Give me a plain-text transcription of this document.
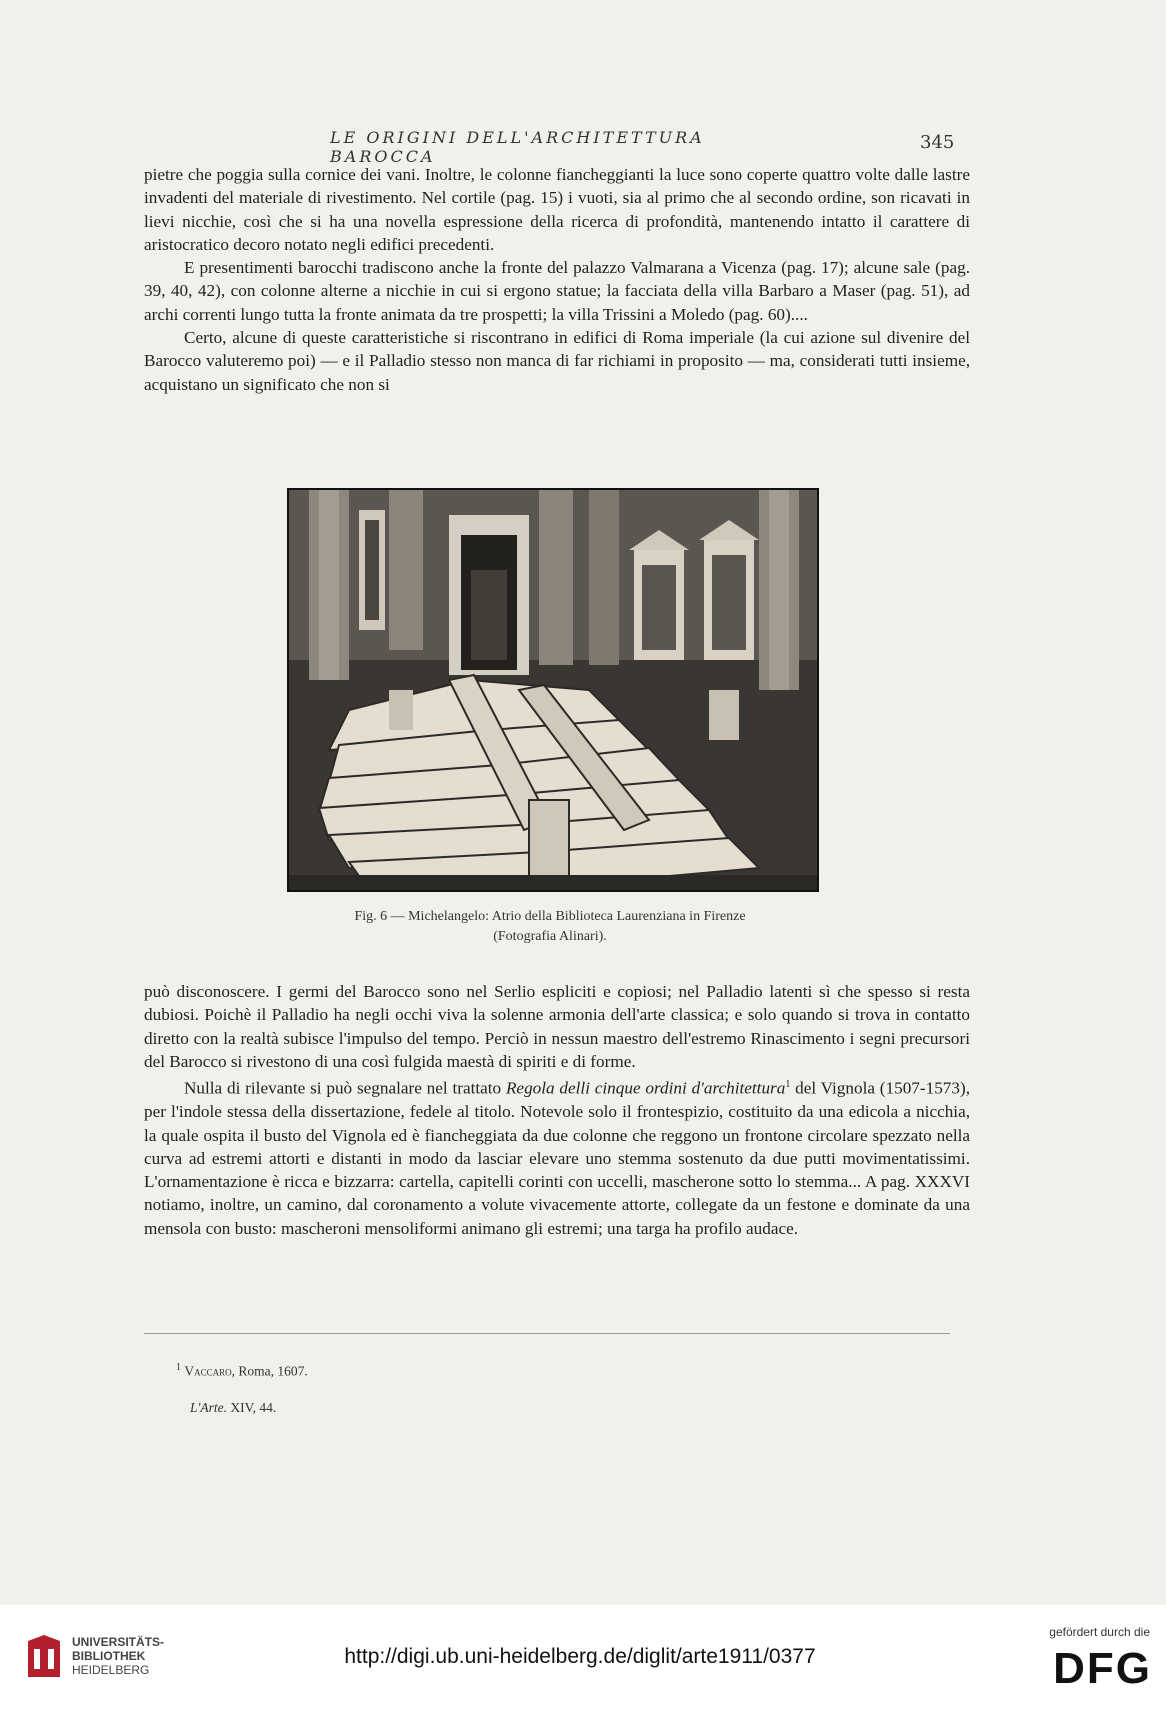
LE ORIGINI DELL'ARCHITETTURA BAROCCA
345

pietre che poggia sulla cornice dei vani. Inoltre, le colonne fiancheggianti la luce sono coperte quattro volte dalle lastre invadenti del materiale di rivestimento. Nel cortile (pag. 15) i vuoti, sia al primo che al secondo ordine, son ricavati in lievi nicchie, così che si ha una novella espressione della ricerca di profondità, mantenendo intatto il carattere di aristocratico decoro notato negli edifici precedenti.

E presentimenti barocchi tradiscono anche la fronte del palazzo Valmarana a Vicenza (pag. 17); alcune sale (pag. 39, 40, 42), con colonne alterne a nicchie in cui si ergono statue; la facciata della villa Barbaro a Maser (pag. 51), ad archi correnti lungo tutta la fronte animata da tre prospetti; la villa Trissini a Moledo (pag. 60)....

Certo, alcune di queste caratteristiche si riscontrano in edifici di Roma imperiale (la cui azione sul divenire del Barocco valuteremo poi) — e il Palladio stesso non manca di far richiami in proposito — ma, considerati tutti insieme, acquistano un significato che non si

Fig. 6 — Michelangelo: Atrio della Biblioteca Laurenziana in Firenze
(Fotografia Alinari).

può disconoscere. I germi del Barocco sono nel Serlio espliciti e copiosi; nel Palladio latenti sì che spesso si resta dubiosi. Poichè il Palladio ha negli occhi viva la solenne armonia dell'arte classica; e solo quando si trova in contatto diretto con la realtà subisce l'impulso del tempo. Perciò in nessun maestro dell'estremo Rinascimento i segni precursori del Barocco si rivestono di una così fulgida maestà di spiriti e di forme.

Nulla di rilevante si può segnalare nel trattato Regola delli cinque ordini d'architettura$^1$ del Vignola (1507-1573), per l'indole stessa della dissertazione, fedele al titolo. Notevole solo il frontespizio, costituito da una edicola a nicchia, la quale ospita il busto del Vignola ed è fiancheggiata da due colonne che reggono un frontone circolare spezzato nella curva ad estremi attorti e distanti in modo da lasciar elevare uno stemma sostenuto da due putti movimentatissimi. L'ornamentazione è ricca e bizzarra: cartella, capitelli corinti con uccelli, mascherone sotto lo stemma... A pag. XXXVI notiamo, inoltre, un camino, dal coronamento a volute vivacemente attorte, collegate da un festone e dominate da una mensola con busto: mascheroni mensoliformi animano gli estremi; una targa ha profilo audace.

$^1$ Vaccaro, Roma, 1607.
L'Arte. XIV, 44.
UNIVERSITÄTS-
BIBLIOTHEK
HEIDELBERG
http://digi.ub.uni-heidelberg.de/diglit/arte1911/0377
gefördert durch die
DFG
